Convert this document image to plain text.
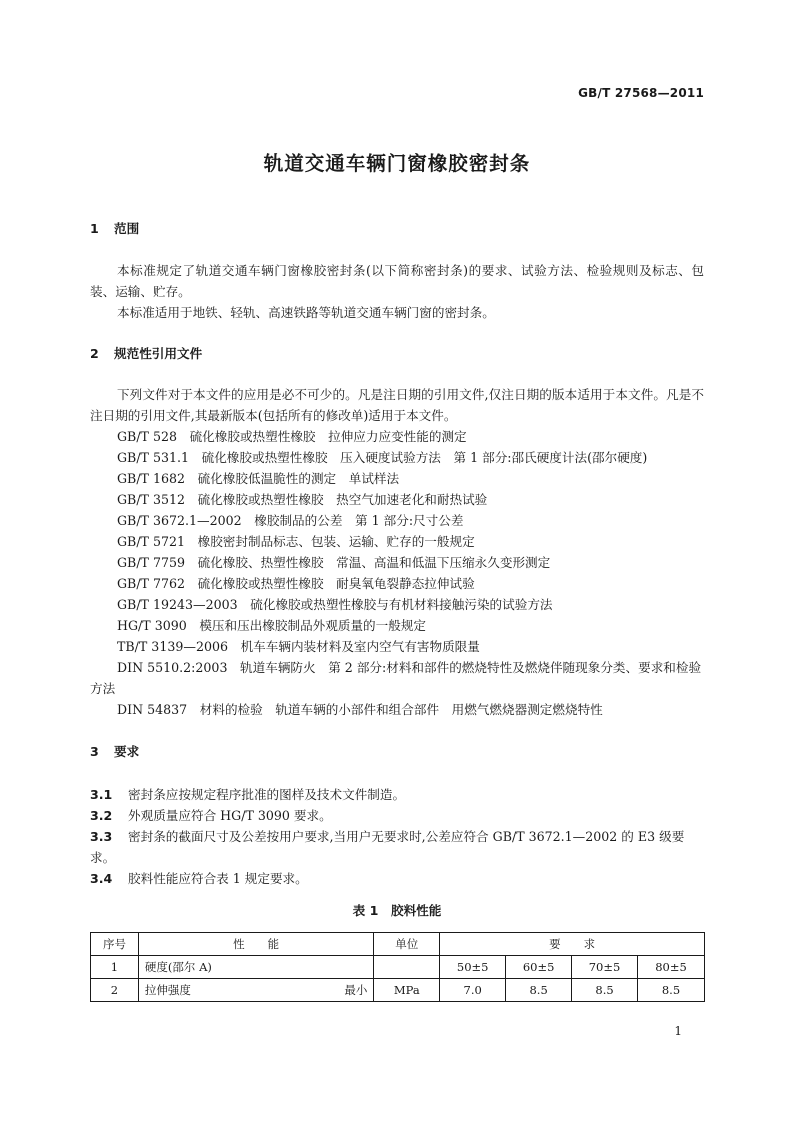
GB/T 27568—2011
轨道交通车辆门窗橡胶密封条
1 范围

本标准规定了轨道交通车辆门窗橡胶密封条(以下简称密封条)的要求、试验方法、检验规则及标志、包装、运输、贮存。

本标准适用于地铁、轻轨、高速铁路等轨道交通车辆门窗的密封条。

2 规范性引用文件

下列文件对于本文件的应用是必不可少的。凡是注日期的引用文件,仅注日期的版本适用于本文件。凡是不注日期的引用文件,其最新版本(包括所有的修改单)适用于本文件。

GB/T 528　硫化橡胶或热塑性橡胶　拉伸应力应变性能的测定

GB/T 531.1　硫化橡胶或热塑性橡胶　压入硬度试验方法　第 1 部分:邵氏硬度计法(邵尔硬度)

GB/T 1682　硫化橡胶低温脆性的测定　单试样法

GB/T 3512　硫化橡胶或热塑性橡胶　热空气加速老化和耐热试验

GB/T 3672.1—2002　橡胶制品的公差　第 1 部分:尺寸公差

GB/T 5721　橡胶密封制品标志、包装、运输、贮存的一般规定

GB/T 7759　硫化橡胶、热塑性橡胶　常温、高温和低温下压缩永久变形测定

GB/T 7762　硫化橡胶或热塑性橡胶　耐臭氧龟裂静态拉伸试验

GB/T 19243—2003　硫化橡胶或热塑性橡胶与有机材料接触污染的试验方法

HG/T 3090　模压和压出橡胶制品外观质量的一般规定

TB/T 3139—2006　机车车辆内装材料及室内空气有害物质限量

DIN 5510.2:2003　轨道车辆防火　第 2 部分:材料和部件的燃烧特性及燃烧伴随现象分类、要求和检验方法

DIN 54837　材料的检验　轨道车辆的小部件和组合部件　用燃气燃烧器测定燃烧特性

3 要求

3.1 密封条应按规定程序批准的图样及技术文件制造。

3.2 外观质量应符合 HG/T 3090 要求。

3.3 密封条的截面尺寸及公差按用户要求,当用户无要求时,公差应符合 GB/T 3672.1—2002 的 E3 级要求。

3.4 胶料性能应符合表 1 规定要求。

表 1　胶料性能
序号	性　　能	单位	要　　求			
1	硬度(邵尔 A)		50±5	60±5	70±5	80±5
2	拉伸强度 最小	MPa	7.0	8.5	8.5	8.5
1
